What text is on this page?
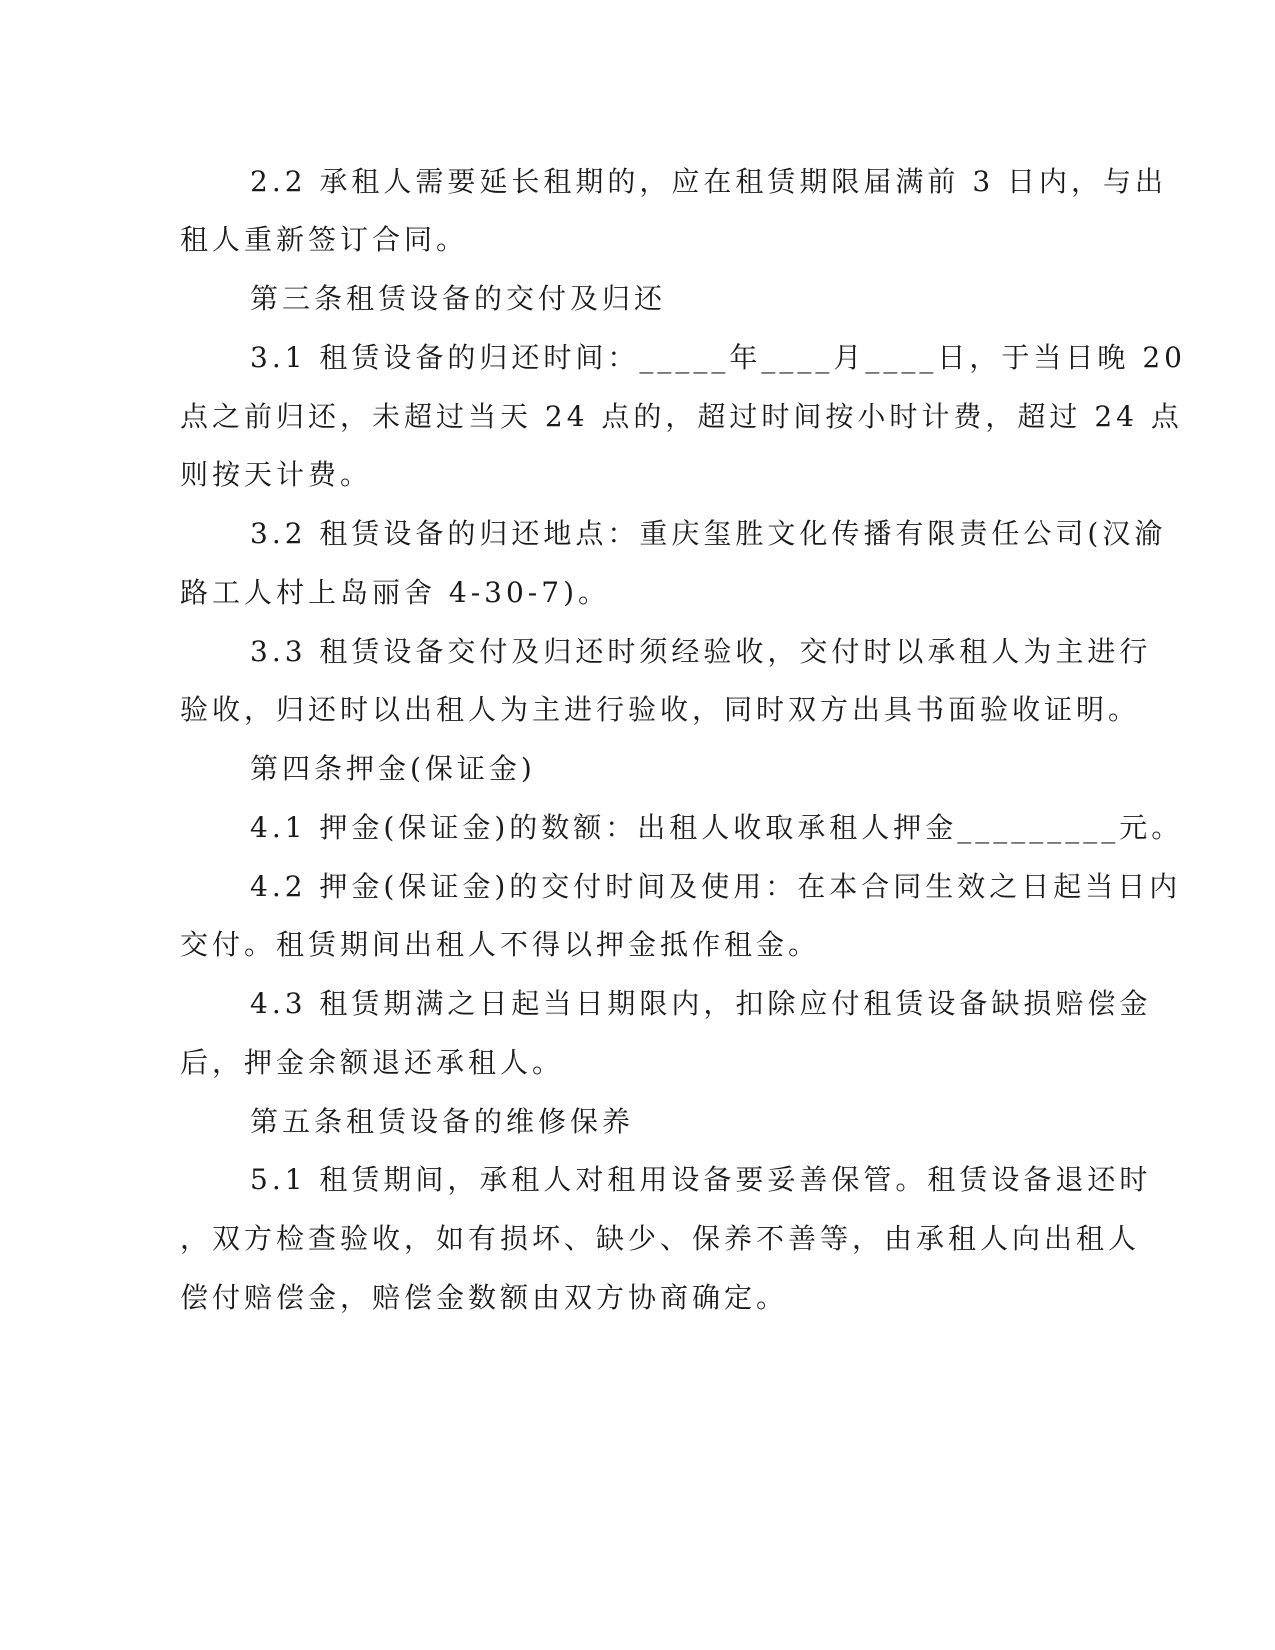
2.2 承租人需要延长租期的，应在租赁期限届满前 3 日内，与出

租人重新签订合同。

第三条租赁设备的交付及归还

3.1 租赁设备的归还时间：_____年____月____日，于当日晚 20

点之前归还，未超过当天 24 点的，超过时间按小时计费，超过 24 点

则按天计费。

3.2 租赁设备的归还地点：重庆玺胜文化传播有限责任公司(汉渝

路工人村上岛丽舍 4-30-7)。

3.3 租赁设备交付及归还时须经验收，交付时以承租人为主进行

验收，归还时以出租人为主进行验收，同时双方出具书面验收证明。

第四条押金(保证金)

4.1 押金(保证金)的数额：出租人收取承租人押金_________元。

4.2 押金(保证金)的交付时间及使用：在本合同生效之日起当日内

交付。租赁期间出租人不得以押金抵作租金。

4.3 租赁期满之日起当日期限内，扣除应付租赁设备缺损赔偿金

后，押金余额退还承租人。

第五条租赁设备的维修保养

5.1 租赁期间，承租人对租用设备要妥善保管。租赁设备退还时

，双方检查验收，如有损坏、缺少、保养不善等，由承租人向出租人

偿付赔偿金，赔偿金数额由双方协商确定。
